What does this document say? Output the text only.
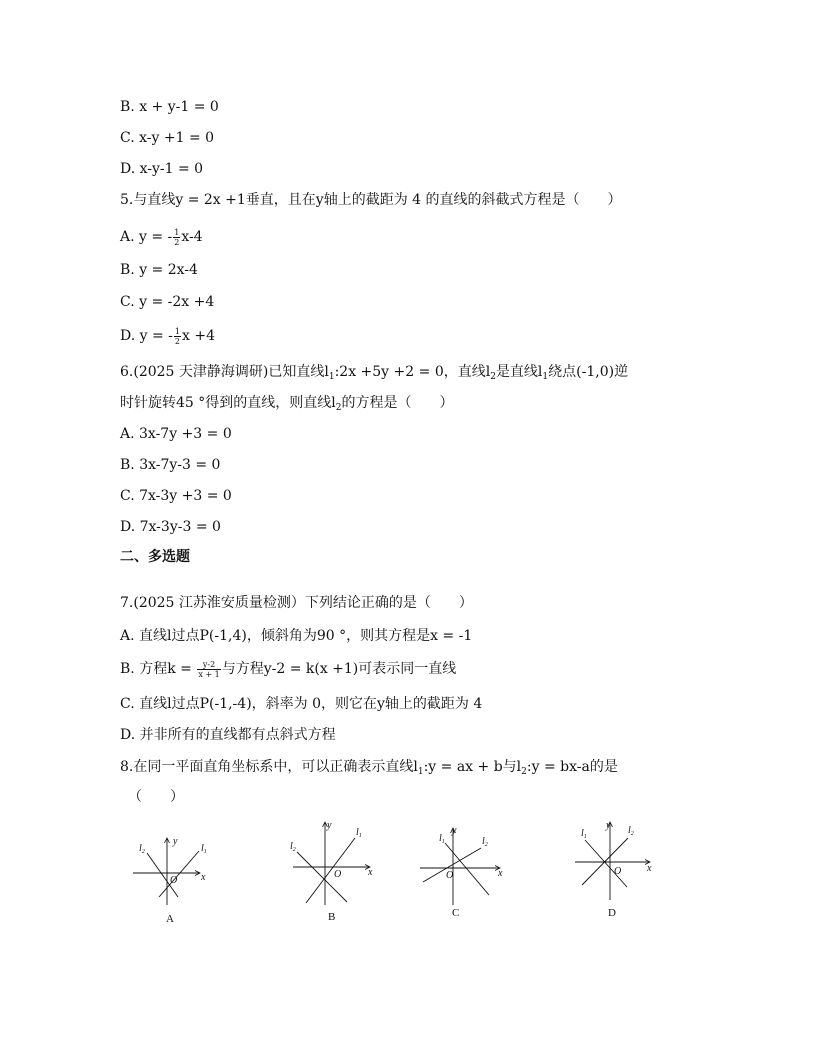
B. x + y-1 = 0
C. x-y +1 = 0
D. x-y-1 = 0
5.与直线y = 2x +1垂直，且在y轴上的截距为 4 的直线的斜截式方程是（　　）
A. y = - $\frac{1}{2} x-4$
B. y = 2x-4
C. y = -2x +4
D. y = - $\frac{1}{2}$ x +4
6.(2025 天津静海调研)已知直线$l_1:2x +5y +2 = 0$，直线$l_2$是直线$l_1$绕点(-1,0)逆
时针旋转45 °得到的直线，则直线$l_2$的方程是（　　）
A. 3x-7y +3 = 0
B. 3x-7y-3 = 0
C. 7x-3y +3 = 0
D. 7x-3y-3 = 0
二、多选题
7.(2025 江苏淮安质量检测）下列结论正确的是（　　）
A. 直线l过点P(-1,4)，倾斜角为90 °，则其方程是x = -1
B. 方程$k = \frac{y-2}{x + 1}$ 与方程y-2 = k(x +1)可表示同一直线
C. 直线l过点P(-1,-4)，斜率为 0，则它在y轴上的截距为 4
D. 并非所有的直线都有点斜式方程
8.在同一平面直角坐标系中，可以正确表示直线$l_1:y$ = ax + b与$l_2:y = bx-a$的是
（　　）
x
y
O
$l_2$	$l_1$
A
x
y
O
$l_1$
$l_2$
B
x
y
O
$l_1$	$l_2$
C
x
y
O
$l_1$
$l_2$
D
